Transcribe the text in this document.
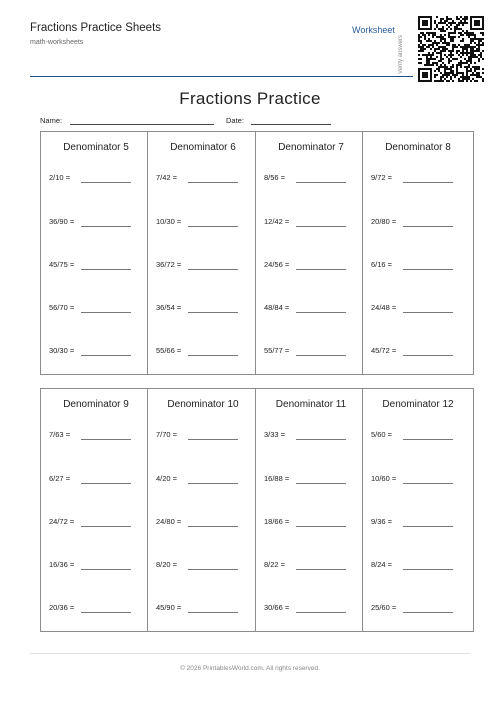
Fractions Practice Sheets
math-worksheets
Worksheet
Verify answers
Fractions Practice
Name:	Date:
Denominator 5
2/10 =
36/90 =
45/75 =
56/70 =
30/30 =
Denominator 6
7/42 =
10/30 =
36/72 =
36/54 =
55/66 =
Denominator 7
8/56 =
12/42 =
24/56 =
48/84 =
55/77 =
Denominator 8
9/72 =
20/80 =
6/16 =
24/48 =
45/72 =
Denominator 9
7/63 =
6/27 =
24/72 =
16/36 =
20/36 =
Denominator 10
7/70 =
4/20 =
24/80 =
8/20 =
45/90 =
Denominator 11
3/33 =
16/88 =
18/66 =
8/22 =
30/66 =
Denominator 12
5/60 =
10/60 =
9/36 =
8/24 =
25/60 =
© 2026 PrintablesWorld.com. All rights reserved.
